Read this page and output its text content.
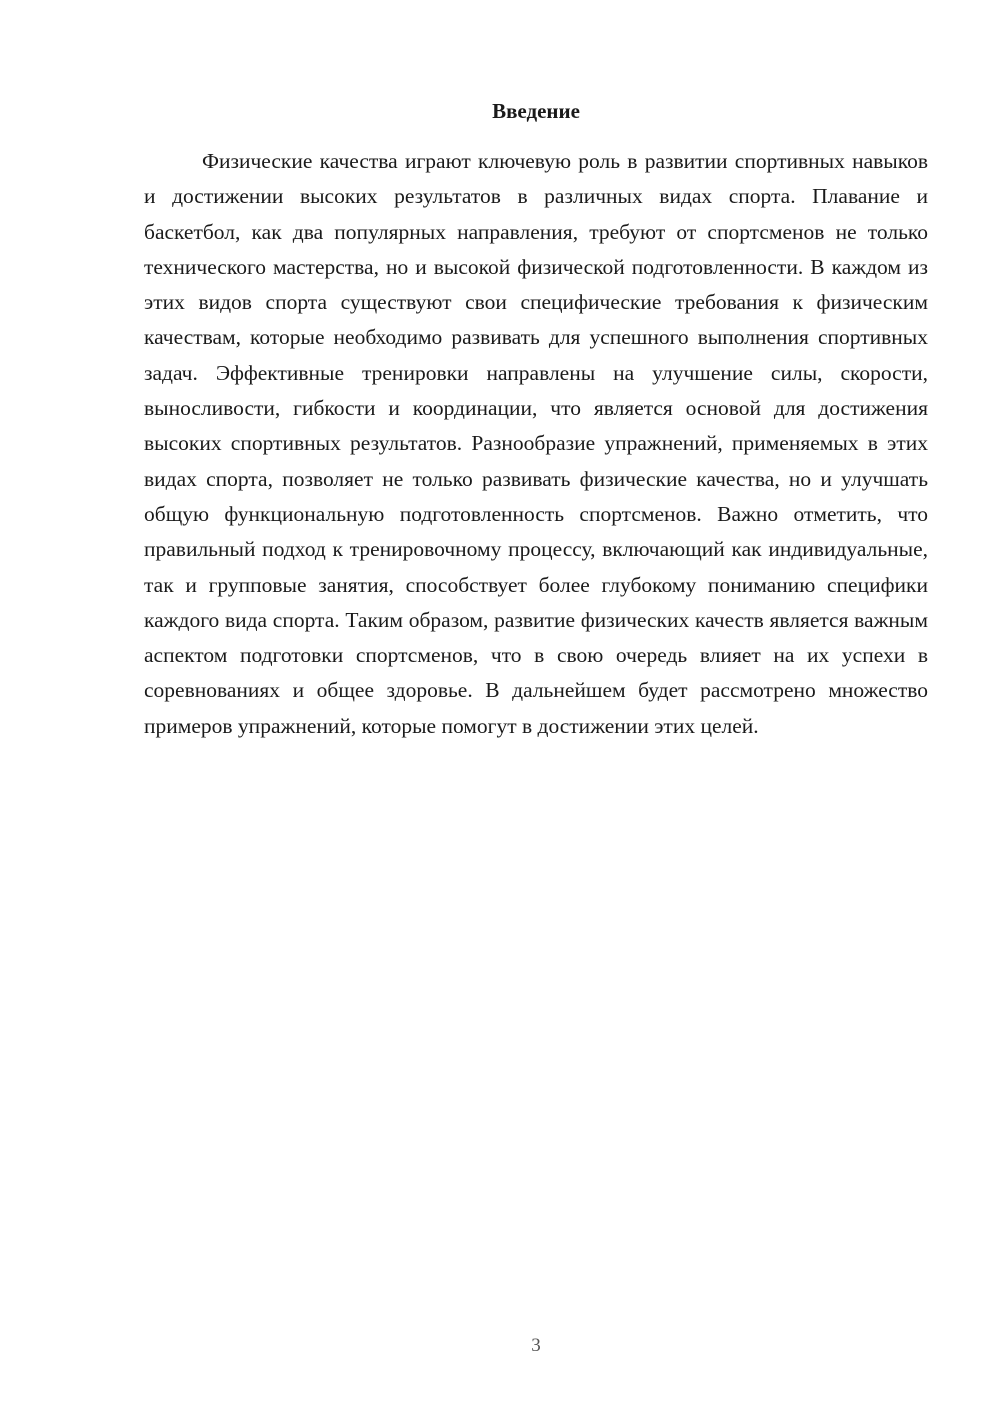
Введение

Физические качества играют ключевую роль в развитии спортивных навыков и достижении высоких результатов в различных видах спорта. Плавание и баскетбол, как два популярных направления, требуют от спортсменов не только технического мастерства, но и высокой физической подготовленности. В каждом из этих видов спорта существуют свои специфические требования к физическим качествам, которые необходимо развивать для успешного выполнения спортивных задач. Эффективные тренировки направлены на улучшение силы, скорости, выносливости, гибкости и координации, что является основой для достижения высоких спортивных результатов. Разнообразие упражнений, применяемых в этих видах спорта, позволяет не только развивать физические качества, но и улучшать общую функциональную подготовленность спортсменов. Важно отметить, что правильный подход к тренировочному процессу, включающий как индивидуальные, так и групповые занятия, способствует более глубокому пониманию специфики каждого вида спорта. Таким образом, развитие физических качеств является важным аспектом подготовки спортсменов, что в свою очередь влияет на их успехи в соревнованиях и общее здоровье. В дальнейшем будет рассмотрено множество примеров упражнений, которые помогут в достижении этих целей.

3
